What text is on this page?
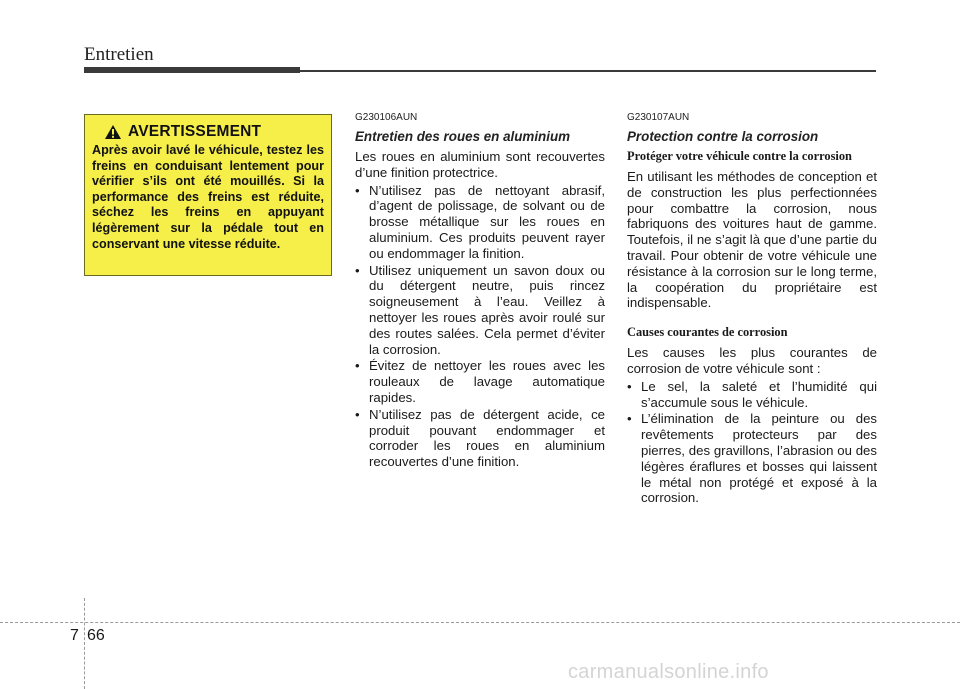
Entretien
AVERTISSEMENT
Après avoir lavé le véhicule, testez les freins en conduisant lentement pour vérifier s’ils ont été mouillés. Si la performance des freins est réduite, séchez les freins en appuyant légèrement sur la pédale tout en conservant une vitesse réduite.
G230106AUN
Entretien des roues en aluminium

Les roues en aluminium sont recouvertes d’une finition protectrice.

• N’utilisez pas de nettoyant abrasif, d’agent de polissage, de solvant ou de brosse métallique sur les roues en aluminium. Ces produits peuvent rayer ou endommager la finition.
• Utilisez uniquement un savon doux ou du détergent neutre, puis rincez soigneusement à l’eau. Veillez à nettoyer les roues après avoir roulé sur des routes salées. Cela permet d’éviter la corrosion.
• Évitez de nettoyer les roues avec les rouleaux de lavage automatique rapides.
• N’utilisez pas de détergent acide, ce produit pouvant endommager et corroder les roues en aluminium recouvertes d’une finition.
G230107AUN
Protection contre la corrosion

Protéger votre véhicule contre la corrosion

En utilisant les méthodes de conception et de construction les plus perfectionnées pour combattre la corrosion, nous fabriquons des voitures haut de gamme. Toutefois, il ne s’agit là que d’une partie du travail. Pour obtenir de votre véhicule une résistance à la corrosion sur le long terme, la coopération du propriétaire est indispensable.

Causes courantes de corrosion

Les causes les plus courantes de corrosion de votre véhicule sont :

• Le sel, la saleté et l’humidité qui s’accumule sous le véhicule.
• L’élimination de la peinture ou des revêtements protecteurs par des pierres, des gravillons, l’abrasion ou des légères éraflures et bosses qui laissent le métal non protégé et exposé à la corrosion.
7 66
carmanualsonline.info
